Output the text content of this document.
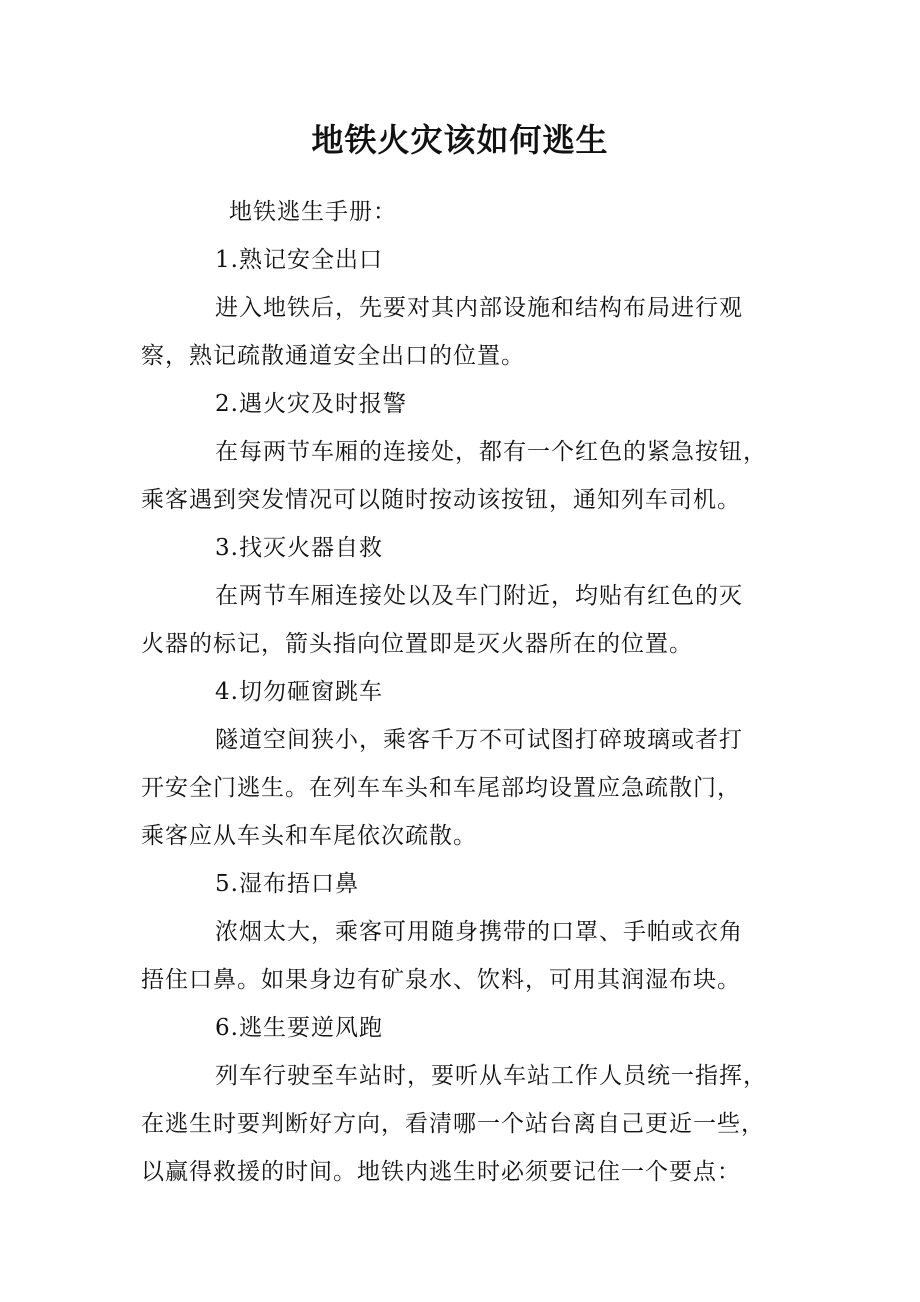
地铁火灾该如何逃生
地铁逃生手册：
1.熟记安全出口
进入地铁后，先要对其内部设施和结构布局进行观
察，熟记疏散通道安全出口的位置。
2.遇火灾及时报警
在每两节车厢的连接处，都有一个红色的紧急按钮，
乘客遇到突发情况可以随时按动该按钮，通知列车司机。
3.找灭火器自救
在两节车厢连接处以及车门附近，均贴有红色的灭
火器的标记，箭头指向位置即是灭火器所在的位置。
4.切勿砸窗跳车
隧道空间狭小，乘客千万不可试图打碎玻璃或者打
开安全门逃生。在列车车头和车尾部均设置应急疏散门，
乘客应从车头和车尾依次疏散。
5.湿布捂口鼻
浓烟太大，乘客可用随身携带的口罩、手帕或衣角
捂住口鼻。如果身边有矿泉水、饮料，可用其润湿布块。
6.逃生要逆风跑
列车行驶至车站时，要听从车站工作人员统一指挥，
在逃生时要判断好方向，看清哪一个站台离自己更近一些，
以赢得救援的时间。地铁内逃生时必须要记住一个要点：
